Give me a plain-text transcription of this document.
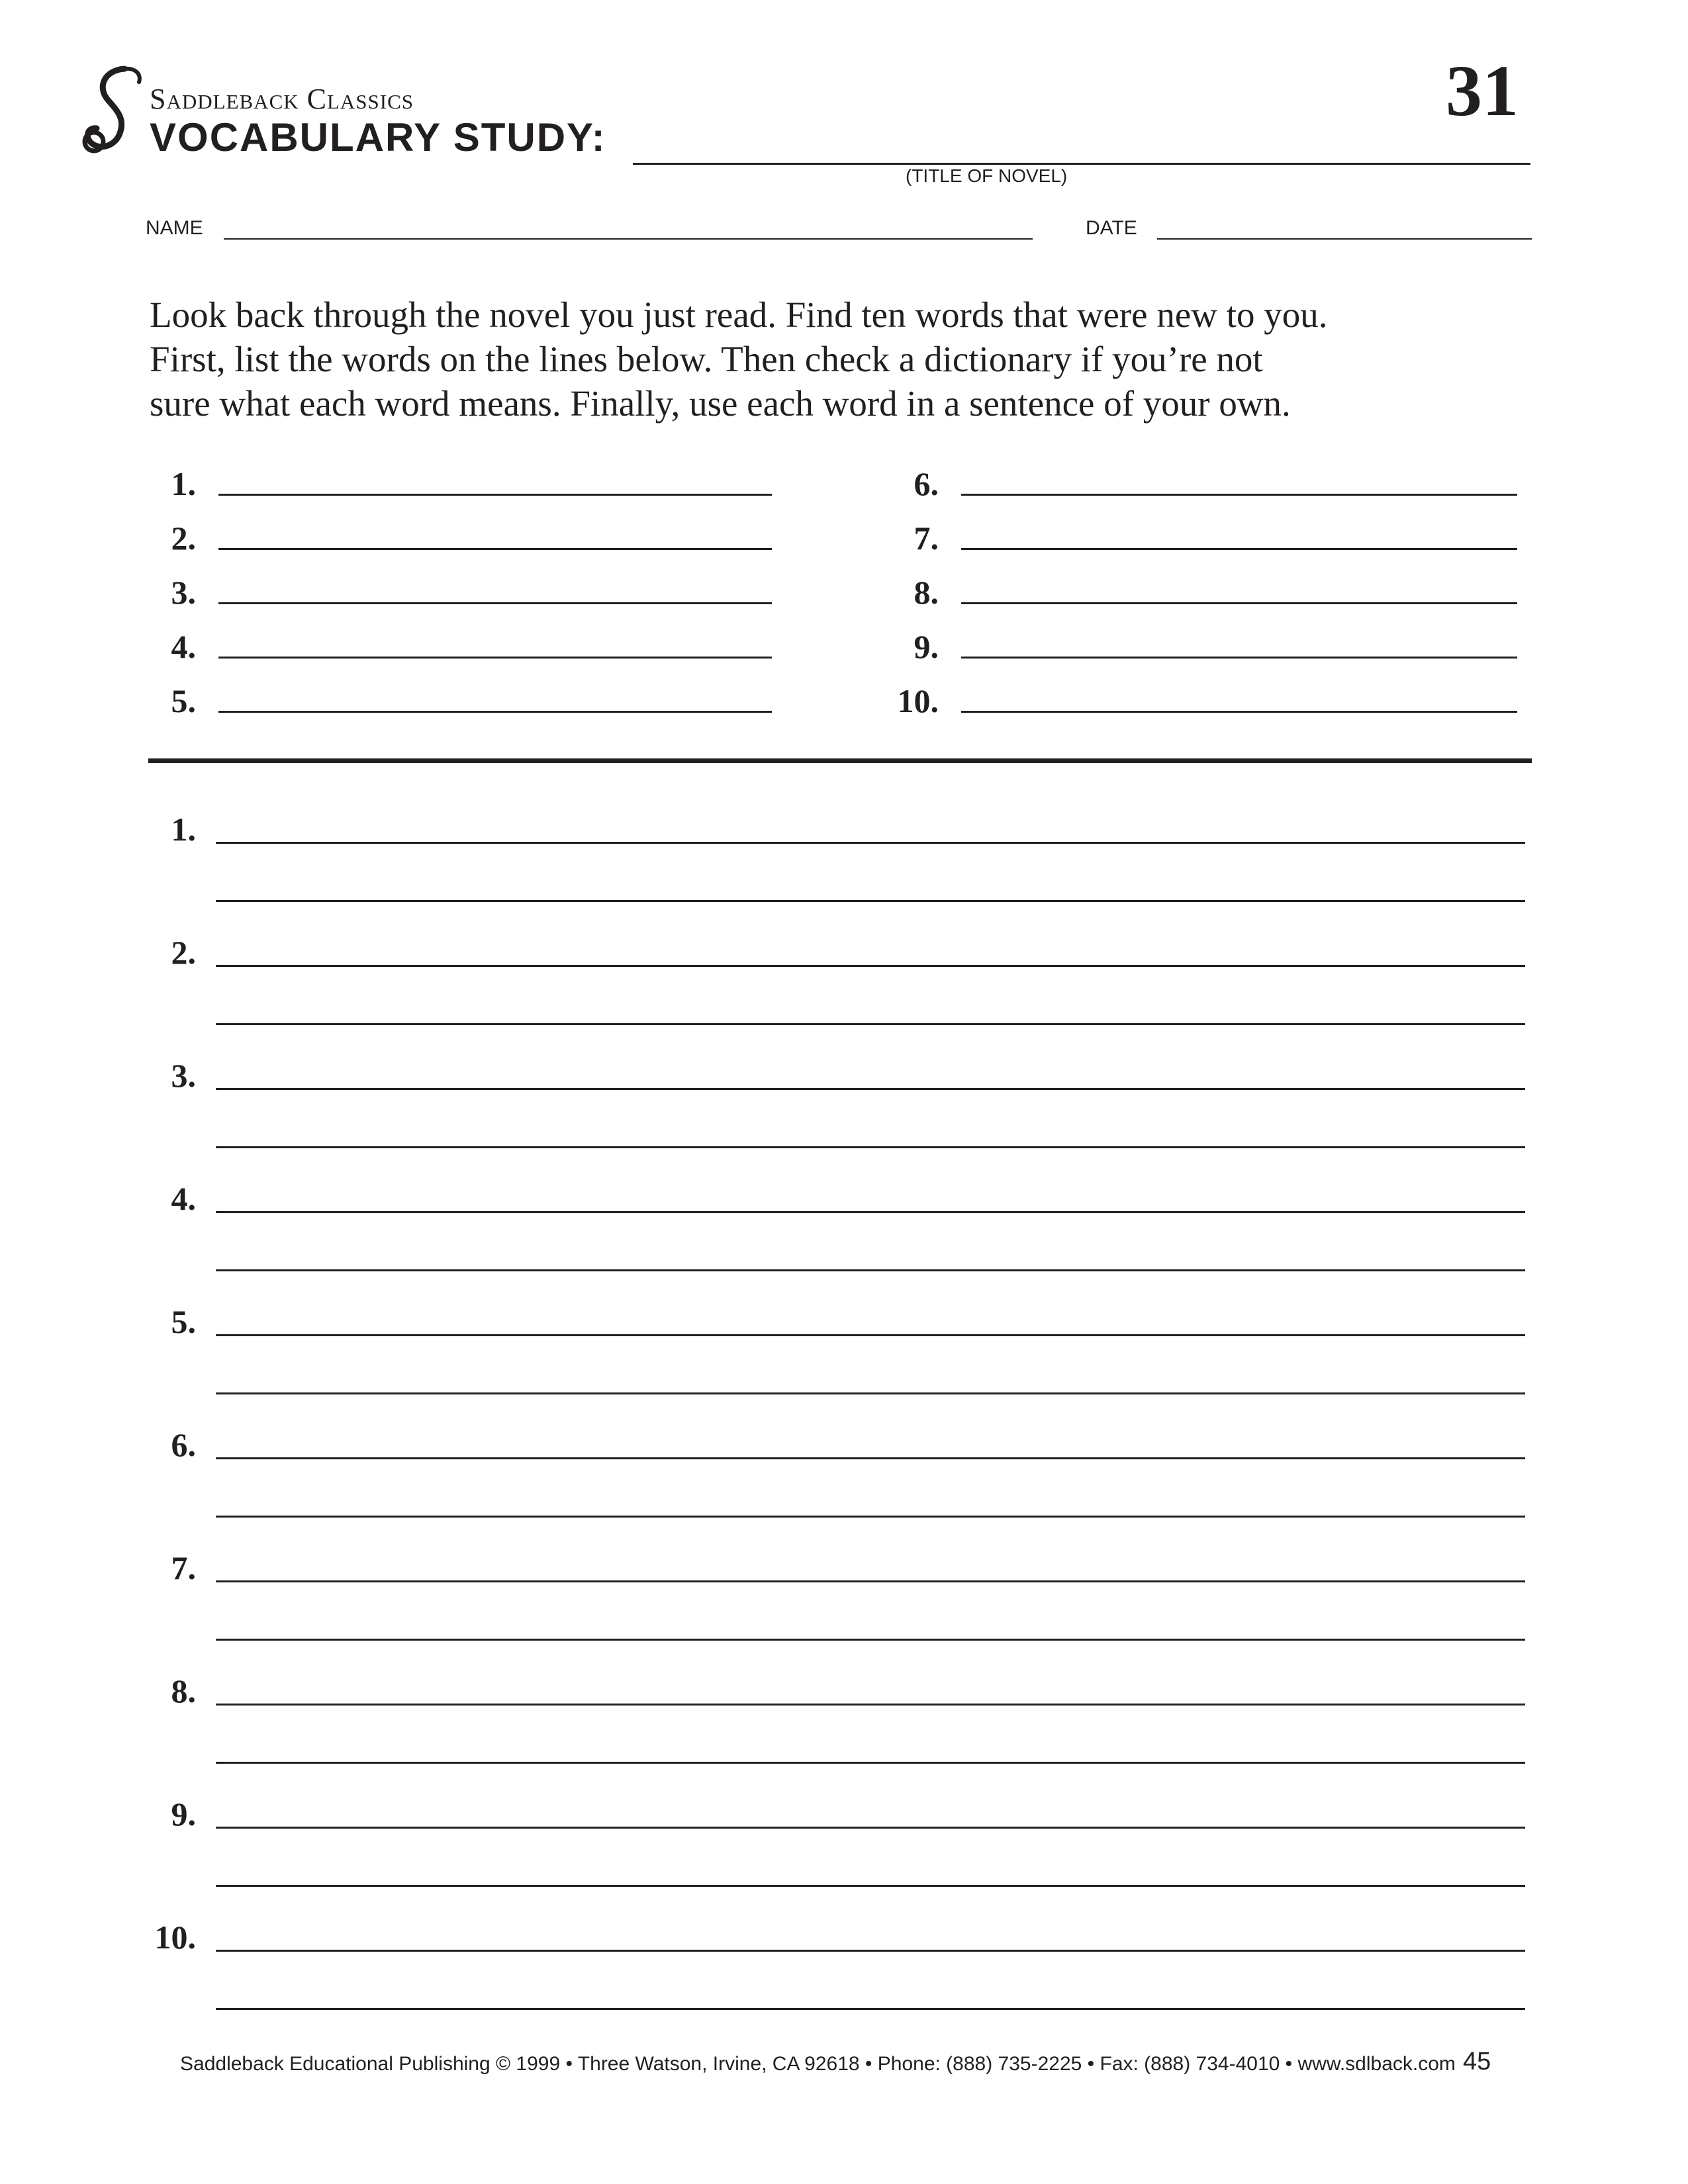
Saddleback Classics	31
VOCABULARY STUDY:
(TITLE OF NOVEL)
NAME	DATE
Look back through the novel you just read. Find ten words that were new to you.
First, list the words on the lines below. Then check a dictionary if you’re not
sure what each word means. Finally, use each word in a sentence of your own.
1.
2.
3.
4.
5.
6.
7.
8.
9.
10.
1.
2.
3.
4.
5.
6.
7.
8.
9.
10.
Saddleback Educational Publishing © 1999 • Three Watson, Irvine, CA 92618 • Phone: (888) 735-2225 • Fax: (888) 734-4010 • www.sdlback.com 45
